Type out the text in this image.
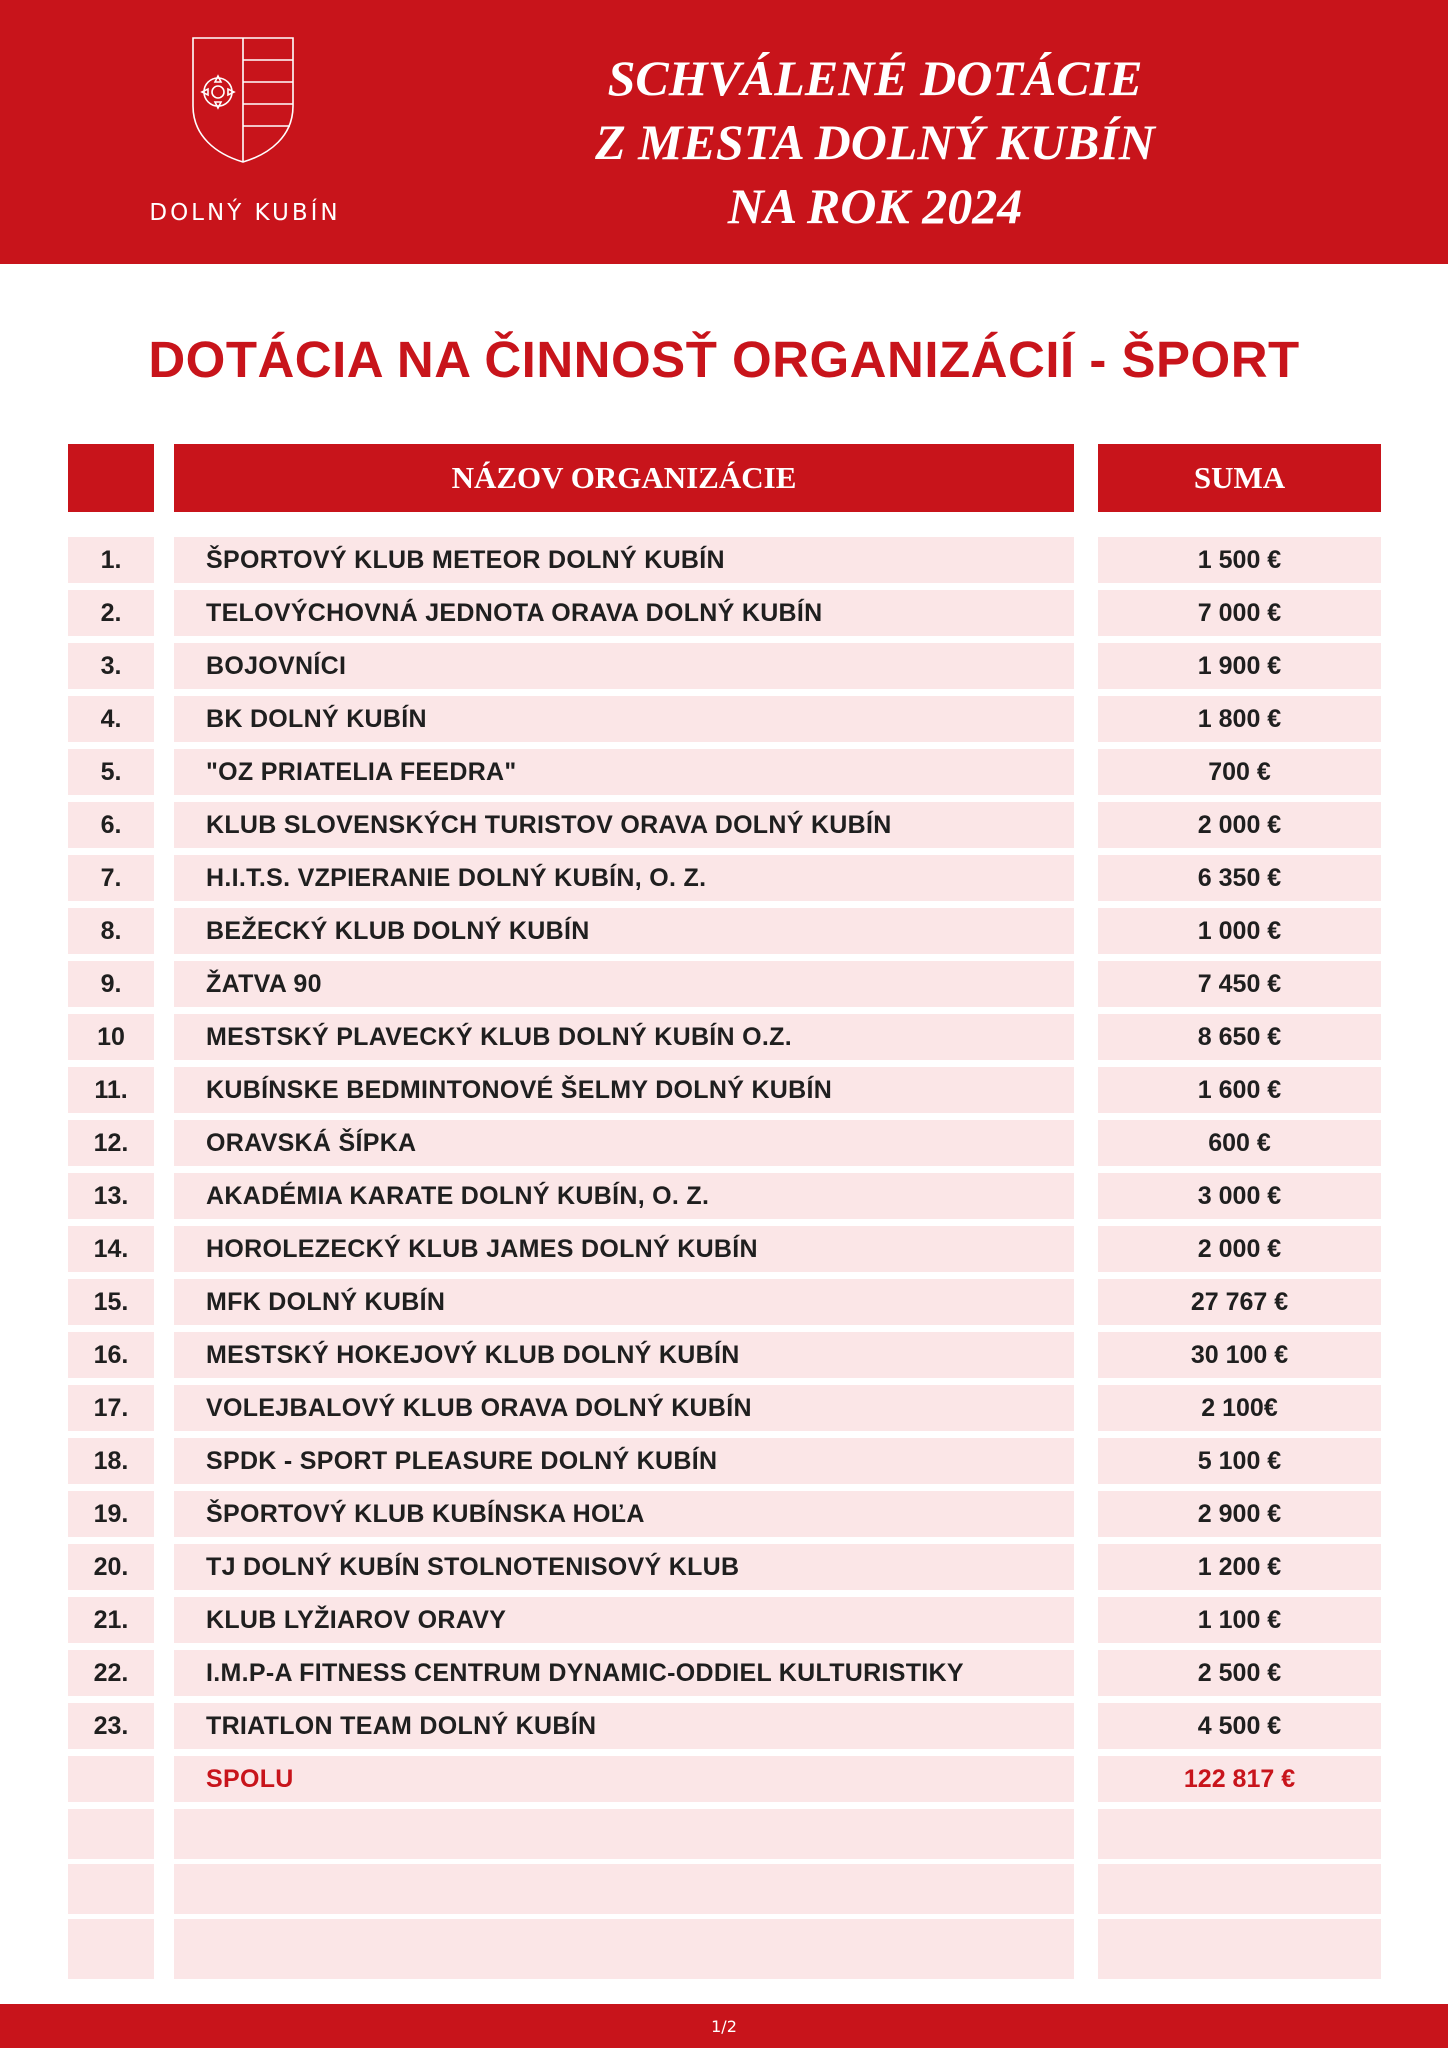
DOLNÝ KUBÍN
SCHVÁLENÉ DOTÁCIE
Z MESTA DOLNÝ KUBÍN
NA ROK 2024
DOTÁCIA NA ČINNOSŤ ORGANIZÁCIÍ - ŠPORT
NÁZOV ORGANIZÁCIE	SUMA
1.	ŠPORTOVÝ KLUB METEOR DOLNÝ KUBÍN	1 500 €
2.	TELOVÝCHOVNÁ JEDNOTA ORAVA DOLNÝ KUBÍN	7 000 €
3.	BOJOVNÍCI	1 900 €
4.	BK DOLNÝ KUBÍN	1 800 €
5.	"OZ PRIATELIA FEEDRA"	700 €
6.	KLUB SLOVENSKÝCH TURISTOV ORAVA DOLNÝ KUBÍN	2 000 €
7.	H.I.T.S. VZPIERANIE DOLNÝ KUBÍN, O. Z.	6 350 €
8.	BEŽECKÝ KLUB DOLNÝ KUBÍN	1 000 €
9.	ŽATVA 90	7 450 €
10	MESTSKÝ PLAVECKÝ KLUB DOLNÝ KUBÍN O.Z.	8 650 €
11.	KUBÍNSKE BEDMINTONOVÉ ŠELMY DOLNÝ KUBÍN	1 600 €
12.	ORAVSKÁ ŠÍPKA	600 €
13.	AKADÉMIA KARATE DOLNÝ KUBÍN, O. Z.	3 000 €
14.	HOROLEZECKÝ KLUB JAMES DOLNÝ KUBÍN	2 000 €
15.	MFK DOLNÝ KUBÍN	27 767 €
16.	MESTSKÝ HOKEJOVÝ KLUB DOLNÝ KUBÍN	30 100 €
17.	VOLEJBALOVÝ KLUB ORAVA DOLNÝ KUBÍN	2 100€
18.	SPDK - SPORT PLEASURE DOLNÝ KUBÍN	5 100 €
19.	ŠPORTOVÝ KLUB KUBÍNSKA HOĽA	2 900 €
20.	TJ DOLNÝ KUBÍN STOLNOTENISOVÝ KLUB	1 200 €
21.	KLUB LYŽIAROV ORAVY	1 100 €
22.	I.M.P-A FITNESS CENTRUM DYNAMIC-ODDIEL KULTURISTIKY	2 500 €
23.	TRIATLON TEAM DOLNÝ KUBÍN	4 500 €
SPOLU	122 817 €
1/2
